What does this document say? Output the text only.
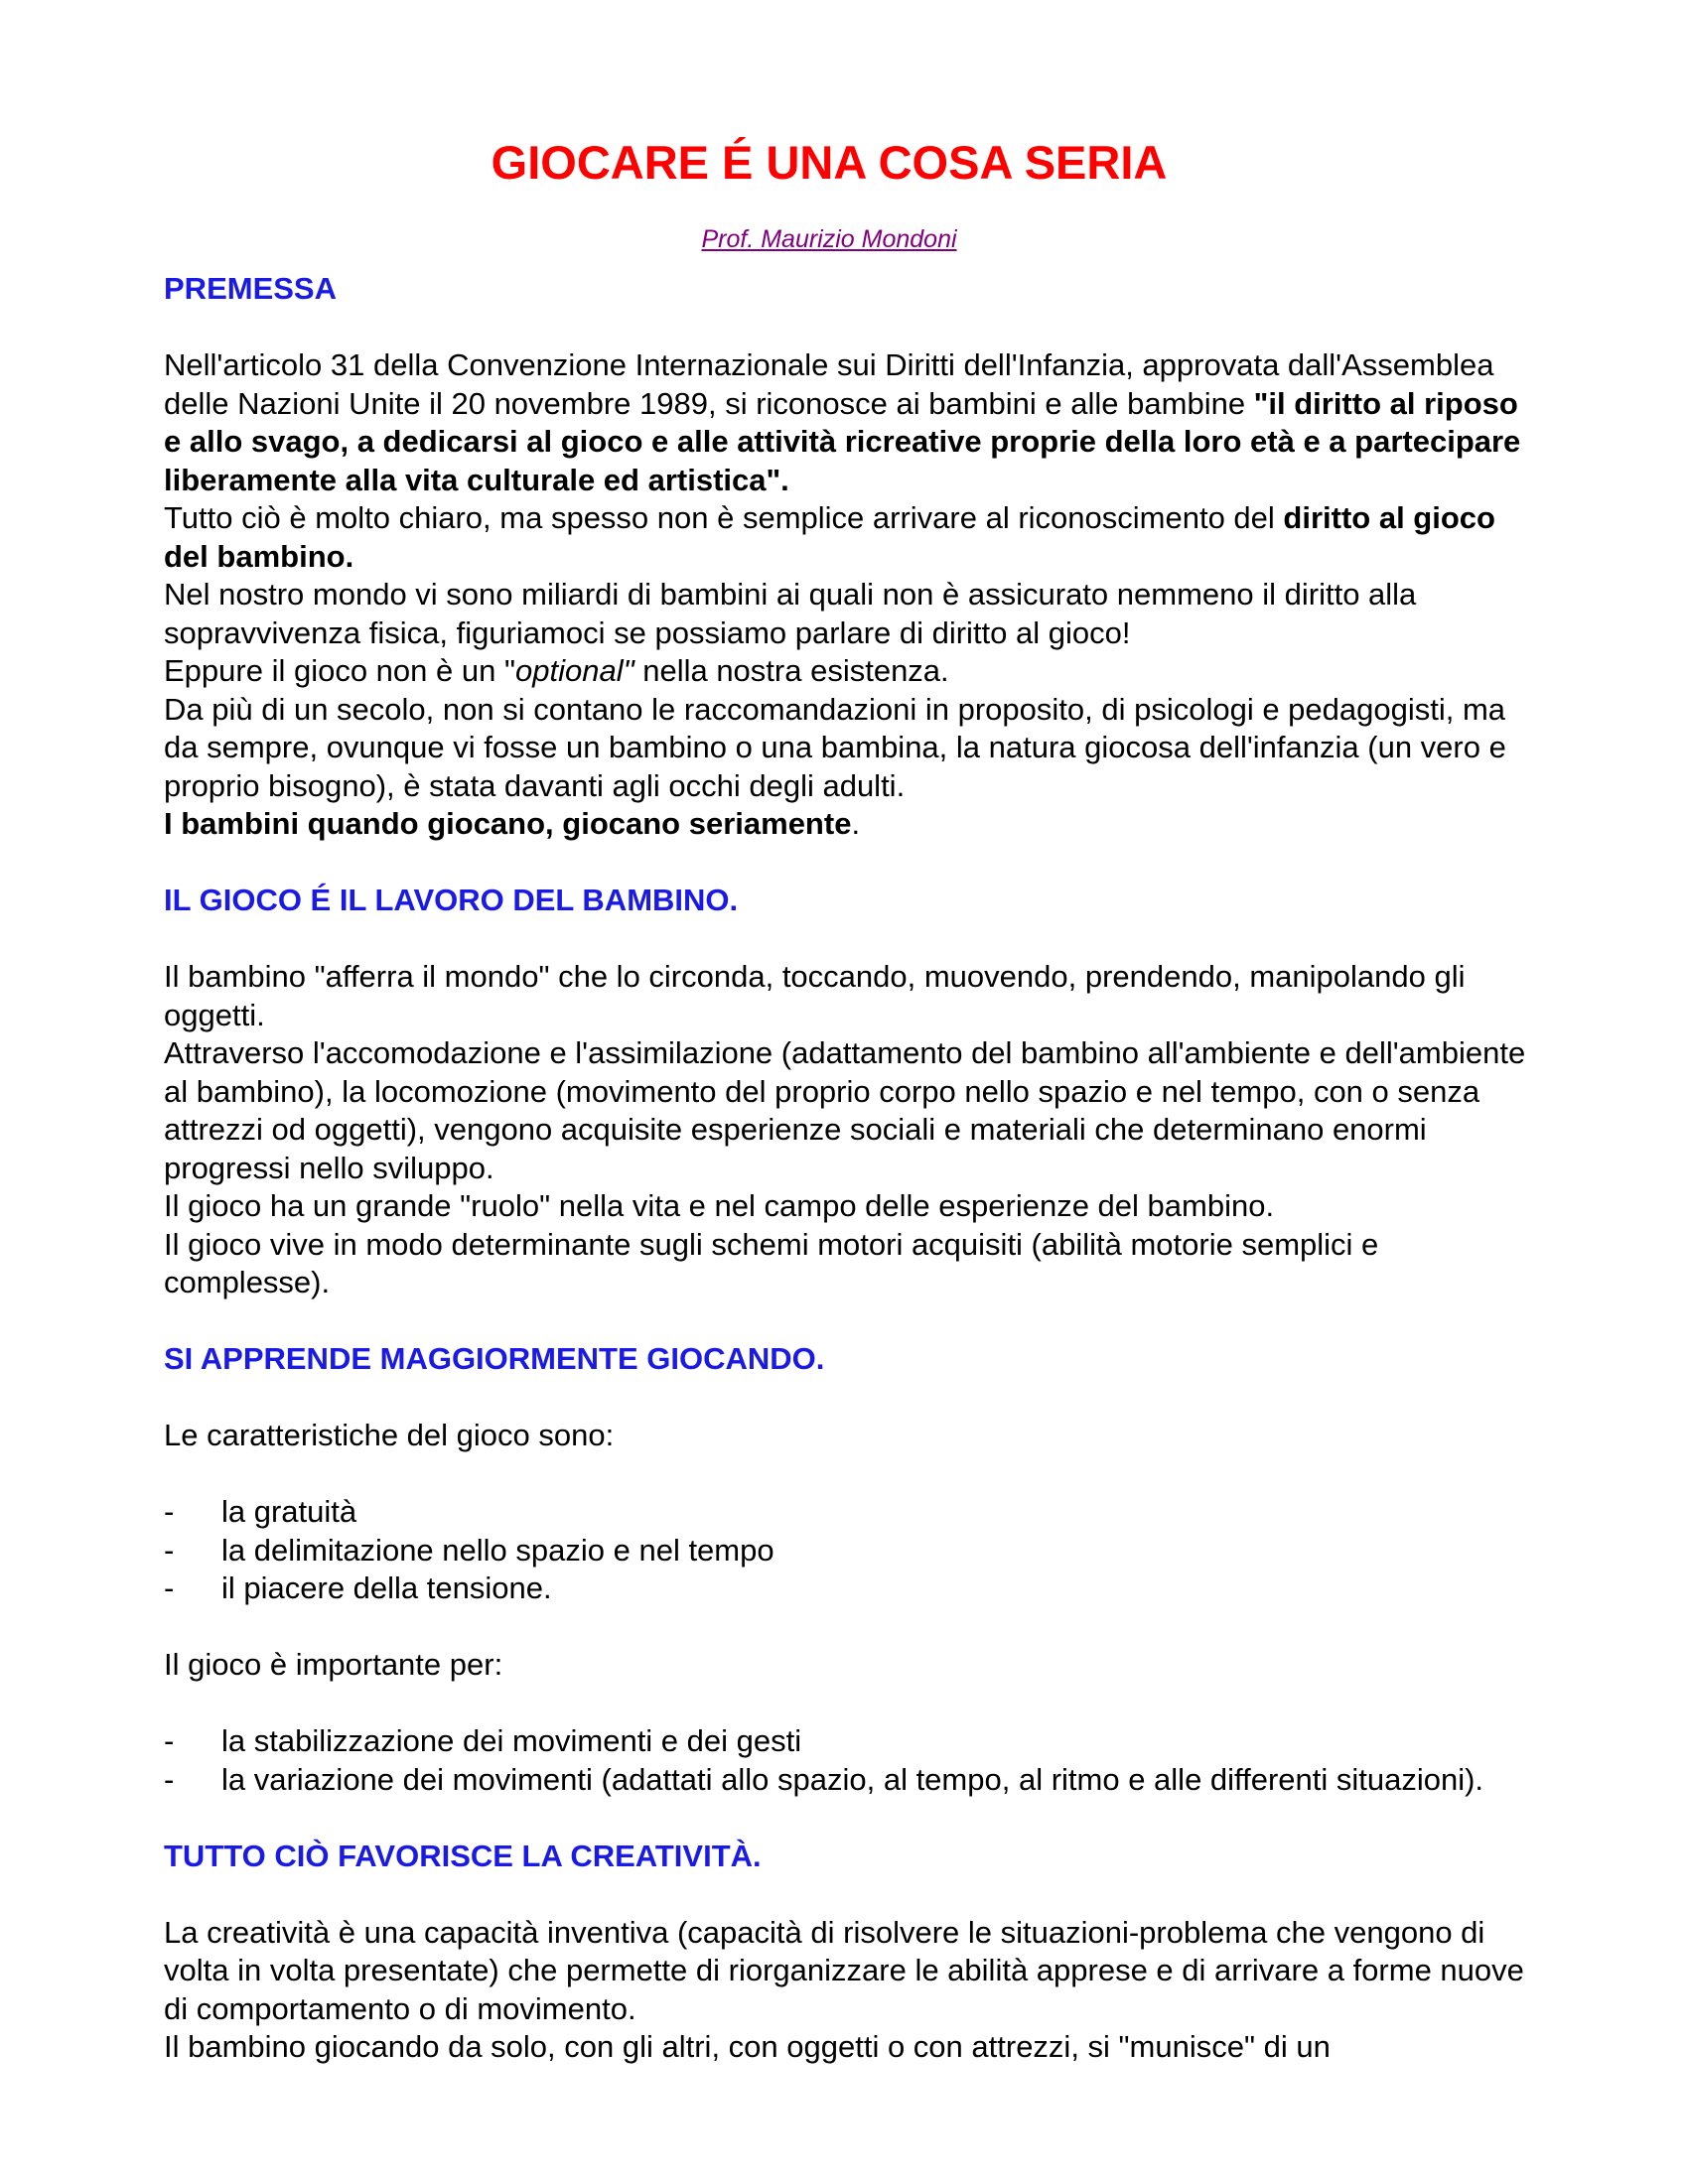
GIOCARE É UNA COSA SERIA
Prof. Maurizio Mondoni
PREMESSA

Nell'articolo 31 della Convenzione Internazionale sui Diritti dell'Infanzia, approvata dall'Assemblea delle Nazioni Unite il 20 novembre 1989, si riconosce ai bambini e alle bambine "il diritto al riposo e allo svago, a dedicarsi al gioco e alle attività ricreative proprie della loro età e a partecipare liberamente alla vita culturale ed artistica".

Tutto ciò è molto chiaro, ma spesso non è semplice arrivare al riconoscimento del diritto al gioco del bambino.

Nel nostro mondo vi sono miliardi di bambini ai quali non è assicurato nemmeno il diritto alla sopravvivenza fisica, figuriamoci se possiamo parlare di diritto al gioco!

Eppure il gioco non è un "optional" nella nostra esistenza.

Da più di un secolo, non si contano le raccomandazioni in proposito, di psicologi e pedagogisti, ma da sempre, ovunque vi fosse un bambino o una bambina, la natura giocosa dell'infanzia (un vero e proprio bisogno), è stata davanti agli occhi degli adulti.

I bambini quando giocano, giocano seriamente.

IL GIOCO É IL LAVORO DEL BAMBINO.

Il bambino "afferra il mondo" che lo circonda, toccando, muovendo, prendendo, manipolando gli oggetti.

Attraverso l'accomodazione e l'assimilazione (adattamento del bambino all'ambiente e dell'ambiente al bambino), la locomozione (movimento del proprio corpo nello spazio e nel tempo, con o senza attrezzi od oggetti), vengono acquisite esperienze sociali e materiali che determinano enormi progressi nello sviluppo.

Il gioco ha un grande "ruolo" nella vita e nel campo delle esperienze del bambino.

Il gioco vive in modo determinante sugli schemi motori acquisiti (abilità motorie semplici e complesse).

SI APPRENDE MAGGIORMENTE GIOCANDO.

Le caratteristiche del gioco sono:

- la gratuità
- la delimitazione nello spazio e nel tempo
- il piacere della tensione.

Il gioco è importante per:

- la stabilizzazione dei movimenti e dei gesti
- la variazione dei movimenti (adattati allo spazio, al tempo, al ritmo e alle differenti situazioni).
TUTTO CIÒ FAVORISCE LA CREATIVITÀ.

La creatività è una capacità inventiva (capacità di risolvere le situazioni-problema che vengono di volta in volta presentate) che permette di riorganizzare le abilità apprese e di arrivare a forme nuove di comportamento o di movimento.

Il bambino giocando da solo, con gli altri, con oggetti o con attrezzi, si "munisce" di un
